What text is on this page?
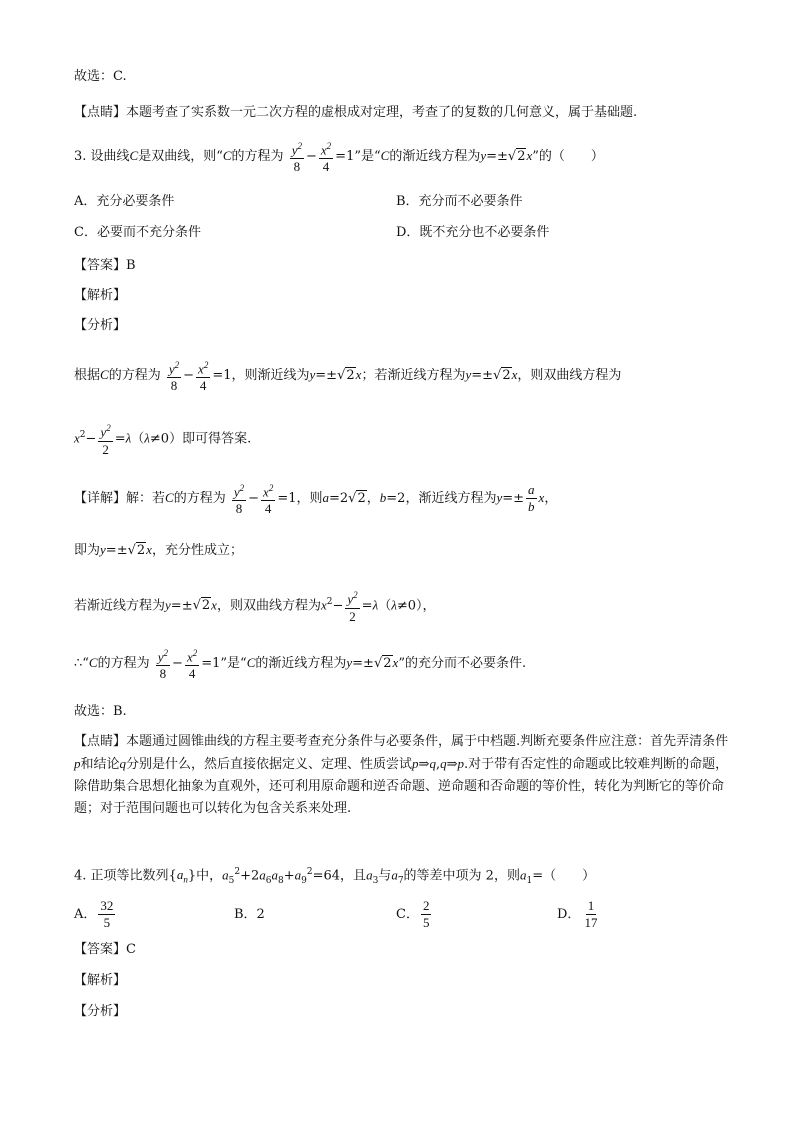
故选：C.
【点睛】本题考查了实系数一元二次方程的虚根成对定理，考查了的复数的几何意义，属于基础题.
3. 设曲线C是双曲线，则“C的方程为 $\frac{y^2}{8} - \frac{x^2}{4} =1$”是“C的渐近线方程为y=±√2x”的（　　）
A．充分必要条件	B．充分而不必要条件
C．必要而不充分条件	D．既不充分也不必要条件
【答案】B
【解析】
【分析】
根据C的方程为 $\frac{y^2}{8} - \frac{x^2}{4} =1$，则渐近线为y=±√2x；若渐近线方程为y=±√2x，则双曲线方程为
$x^2- \frac{y^2}{2} =\lambda(\lambda\ne 0)$即可得答案.
【详解】解：若C的方程为 $\frac{y^2}{8} - \frac{x^2}{4} =1$，则a=2√2，b=2，渐近线方程为$y=\pm \frac{a}{b}$ x，
即为y=±√2x，充分性成立；
若渐近线方程为y=±√2x，则双曲线方程为$x^2- \frac{y^2}{2} =\lambda(\lambda\ne 0)$，
∴“C的方程为 $\frac{y^2}{8} - \frac{x^2}{4} =1$”是“C的渐近线方程为y=±√2x”的充分而不必要条件.
故选：B.
【点睛】本题通过圆锥曲线的方程主要考查充分条件与必要条件，属于中档题.判断充要条件应注意：首先弄清条件p和结论q分别是什么，然后直接依据定义、定理、性质尝试p⇒q,q⇒p.对于带有否定性的命题或比较难判断的命题，除借助集合思想化抽象为直观外，还可利用原命题和逆否命题、逆命题和否命题的等价性，转化为判断它的等价命题；对于范围问题也可以转化为包含关系来处理.
4. 正项等比数列$\{a_n\}$中，$a_5^2+2a_6a_8+a_9^2=64$，且$a_3$与$a_7$的等差中项为 2，则$a_1=$（　　）
A． $\frac{32}{5}$	B．2	C． $\frac{2}{5}$	D． $\frac{1}{17}$
【答案】C
【解析】
【分析】
